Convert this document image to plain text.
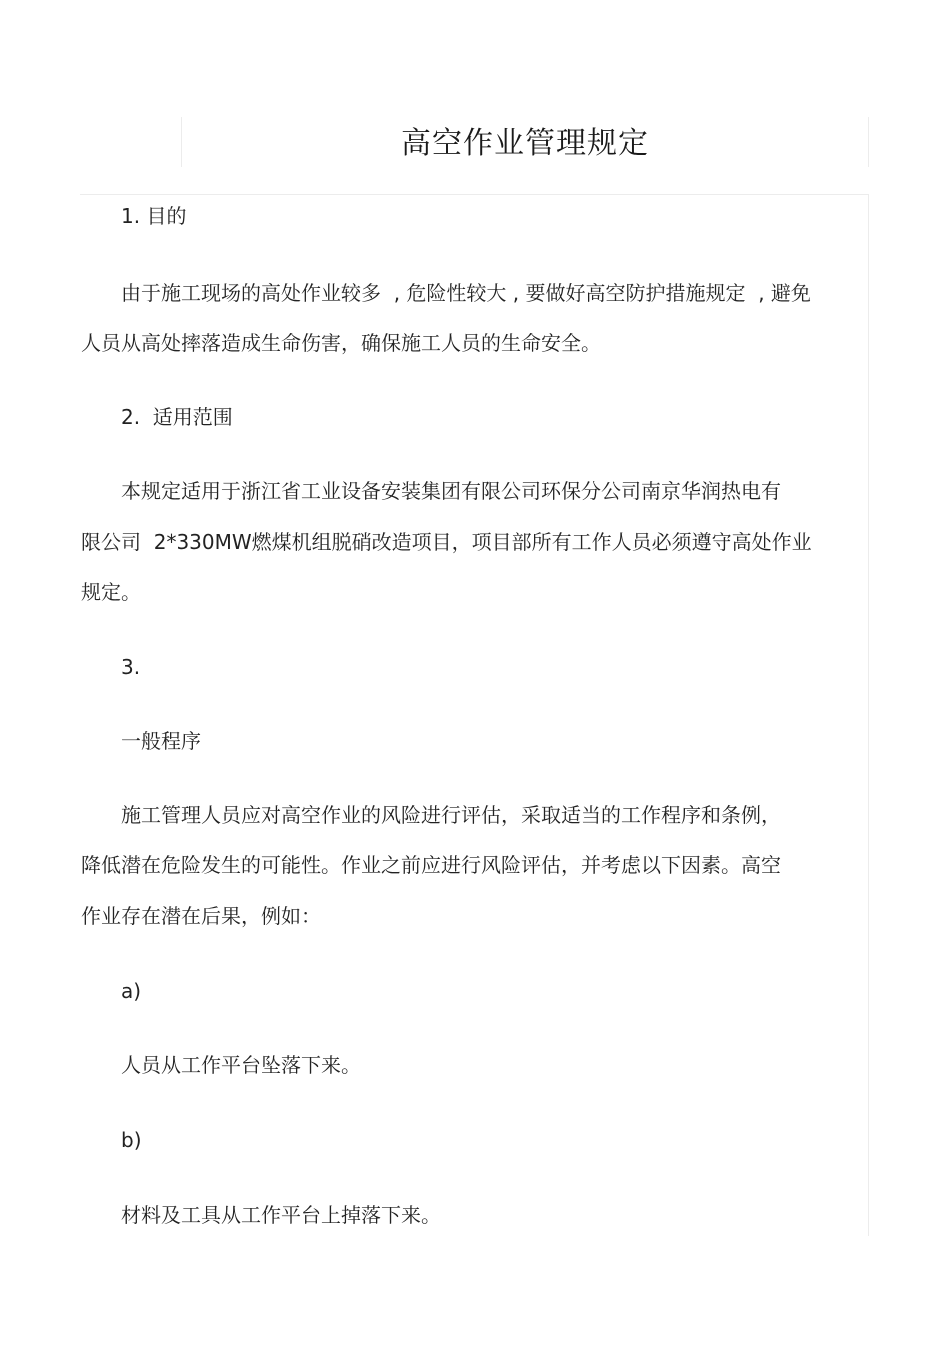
高空作业管理规定
1. 目的
由于施工现场的高处作业较多  , 危险性较大 , 要做好高空防护措施规定  , 避免
人员从高处摔落造成生命伤害，确保施工人员的生命安全。
2.  适用范围
本规定适用于浙江省工业设备安装集团有限公司环保分公司南京华润热电有
限公司  2*330MW燃煤机组脱硝改造项目，项目部所有工作人员必须遵守高处作业
规定。
3.
一般程序
施工管理人员应对高空作业的风险进行评估，采取适当的工作程序和条例，
降低潜在危险发生的可能性。作业之前应进行风险评估，并考虑以下因素。高空
作业存在潜在后果，例如：
a)
人员从工作平台坠落下来。
b)
材料及工具从工作平台上掉落下来。
